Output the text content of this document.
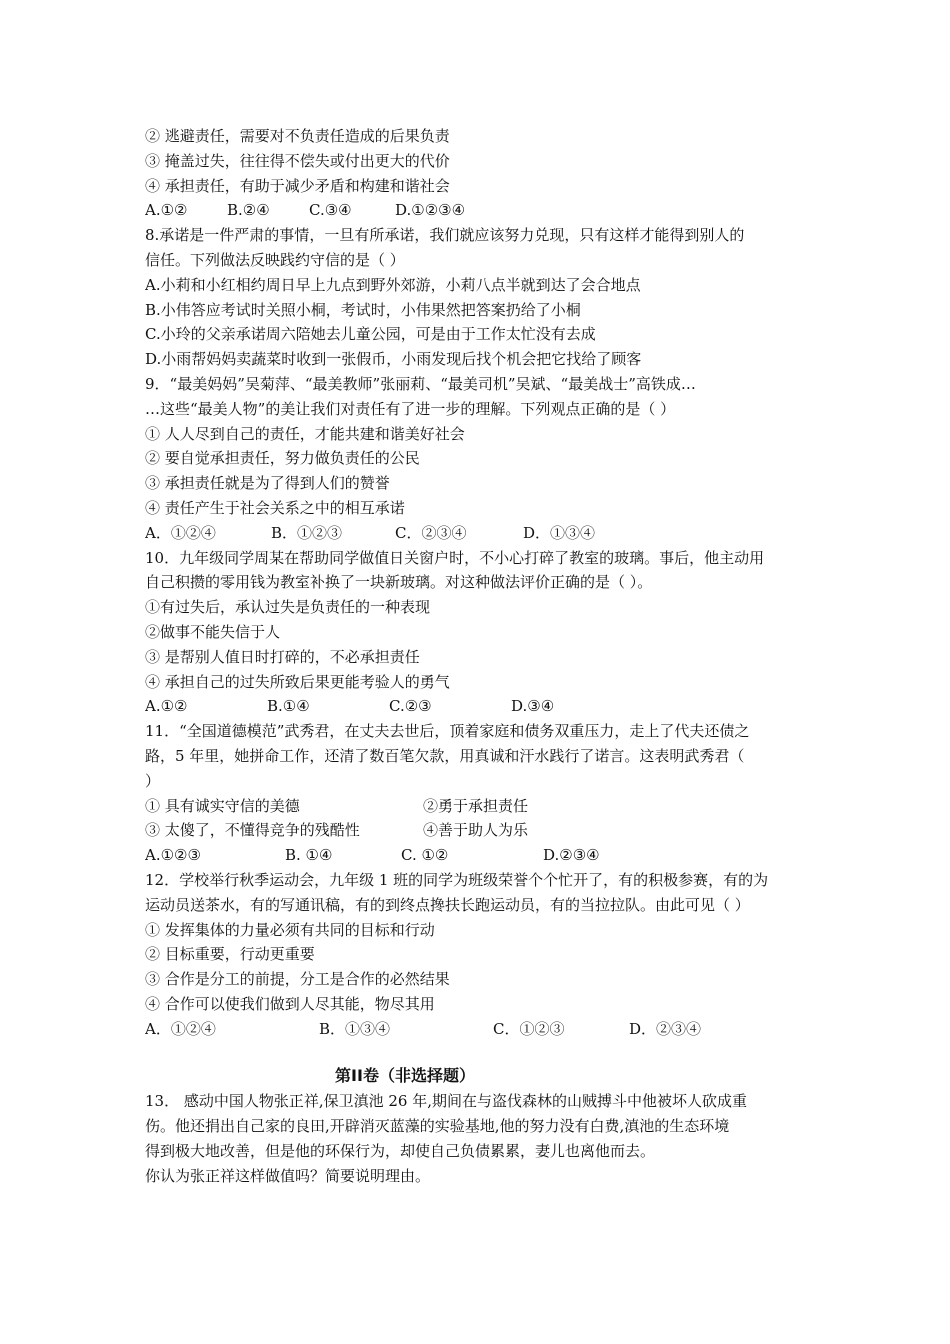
② 逃避责任，需要对不负责任造成的后果负责
③ 掩盖过失，往往得不偿失或付出更大的代价
④ 承担责任，有助于减少矛盾和构建和谐社会
A.①②	B.②④	C.③④	D.①②③④
8.承诺是一件严肃的事情，一旦有所承诺，我们就应该努力兑现，只有这样才能得到别人的
信任。下列做法反映践约守信的是（ ）
A.小莉和小红相约周日早上九点到野外郊游，小莉八点半就到达了会合地点
B.小伟答应考试时关照小桐，考试时，小伟果然把答案扔给了小桐
C.小玲的父亲承诺周六陪她去儿童公园，可是由于工作太忙没有去成
D.小雨帮妈妈卖蔬菜时收到一张假币，小雨发现后找个机会把它找给了顾客
9．“最美妈妈”吴菊萍、“最美教师”张丽莉、“最美司机”吴斌、“最美战士”高铁成…
…这些“最美人物”的美让我们对责任有了进一步的理解。下列观点正确的是（ ）
① 人人尽到自己的责任，才能共建和谐美好社会
② 要自觉承担责任，努力做负责任的公民
③ 承担责任就是为了得到人们的赞誉
④ 责任产生于社会关系之中的相互承诺
A．①②④	B．①②③	C．②③④	D．①③④
10．九年级同学周某在帮助同学做值日关窗户时，不小心打碎了教室的玻璃。事后，他主动用
自己积攒的零用钱为教室补换了一块新玻璃。对这种做法评价正确的是（ ）。
①有过失后，承认过失是负责任的一种表现
②做事不能失信于人
③ 是帮别人值日时打碎的，不必承担责任
④ 承担自己的过失所致后果更能考验人的勇气
A.①②	B.①④	C.②③	D.③④
11．“全国道德模范”武秀君，在丈夫去世后，顶着家庭和债务双重压力，走上了代夫还债之
路，5 年里，她拼命工作，还清了数百笔欠款，用真诚和汗水践行了诺言。这表明武秀君（
）
① 具有诚实守信的美德	②勇于承担责任
③ 太傻了，不懂得竞争的残酷性	④善于助人为乐
A.①②③	B. ①④	C. ①②	D.②③④
12．学校举行秋季运动会，九年级 1 班的同学为班级荣誉个个忙开了，有的积极参赛，有的为
运动员送茶水，有的写通讯稿，有的到终点搀扶长跑运动员，有的当拉拉队。由此可见（ ）
① 发挥集体的力量必须有共同的目标和行动
② 目标重要，行动更重要
③ 合作是分工的前提，分工是合作的必然结果
④ 合作可以使我们做到人尽其能，物尽其用
A．①②④	B．①③④	C．①②③	D．②③④
第II卷（非选择题）
13． 感动中国人物张正祥,保卫滇池 26 年,期间在与盗伐森林的山贼搏斗中他被坏人砍成重
伤。他还捐出自己家的良田,开辟消灭蓝藻的实验基地,他的努力没有白费,滇池的生态环境
得到极大地改善，但是他的环保行为，却使自己负债累累，妻儿也离他而去。
你认为张正祥这样做值吗？简要说明理由。
